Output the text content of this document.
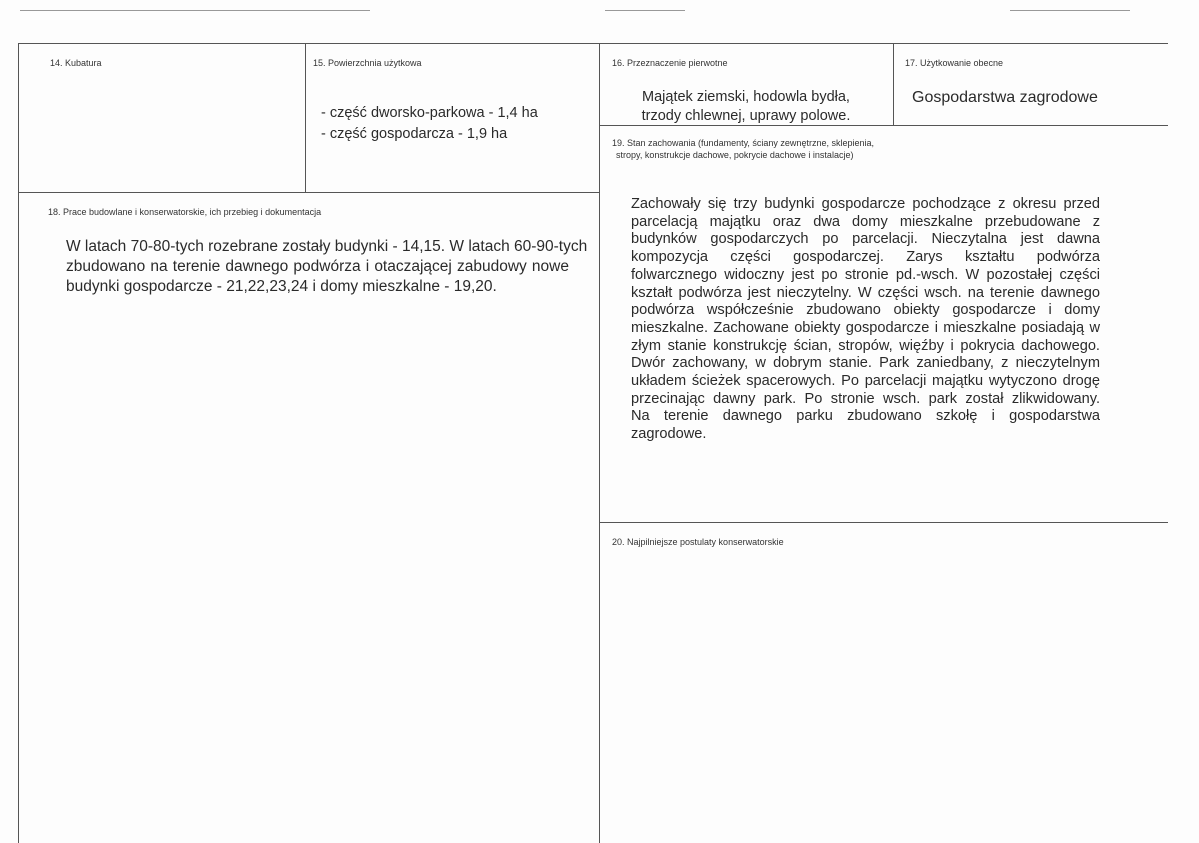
14. Kubatura	15. Powierzchnia użytkowa
- część dworsko-parkowa - 1,4 ha
- część gospodarcza - 1,9 ha
16. Przeznaczenie pierwotne
Majątek ziemski, hodowla bydła,
trzody chlewnej, uprawy polowe.
17. Użytkowanie obecne
Gospodarstwa zagrodowe
18. Prace budowlane i konserwatorskie, ich przebieg i dokumentacja
W latach 70-80-tych rozebrane zostały budynki - 14,15. W latach 60-90-tych
zbudowano na terenie dawnego podwórza i otaczającej zabudowy nowe
budynki gospodarcze - 21,22,23,24 i domy mieszkalne - 19,20.
19. Stan zachowania (fundamenty, ściany zewnętrzne, sklepienia,
stropy, konstrukcje dachowe, pokrycie dachowe i instalacje)
Zachowały się trzy budynki gospodarcze pochodzące z okresu przed
parcelacją majątku oraz dwa domy mieszkalne przebudowane z
budynków gospodarczych po parcelacji. Nieczytalna jest dawna
kompozycja części gospodarczej. Zarys kształtu podwórza
folwarcznego widoczny jest po stronie pd.-wsch. W pozostałej części
kształt podwórza jest nieczytelny. W części wsch. na terenie dawnego
podwórza współcześnie zbudowano obiekty gospodarcze i domy
mieszkalne. Zachowane obiekty gospodarcze i mieszkalne posiadają w
złym stanie konstrukcję ścian, stropów, więźby i pokrycia dachowego.
Dwór zachowany, w dobrym stanie. Park zaniedbany, z nieczytelnym
układem ścieżek spacerowych. Po parcelacji majątku wytyczono drogę
przecinając dawny park. Po stronie wsch. park został zlikwidowany.
Na terenie dawnego parku zbudowano szkołę i gospodarstwa
zagrodowe.
20. Najpilniejsze postulaty konserwatorskie
